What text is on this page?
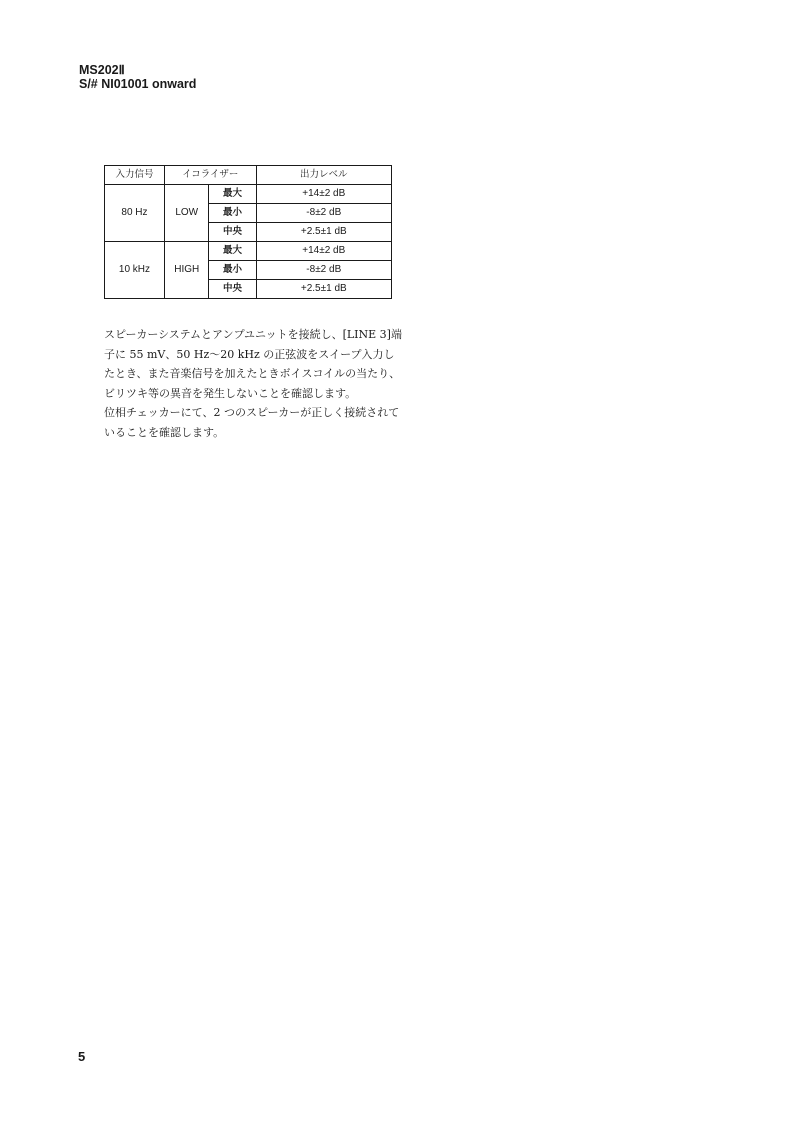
MS202Ⅱ
S/# NI01001 onward
入力信号	イコライザー		出力レベル
80 Hz	LOW	最大	+14±2 dB
		最小	-8±2 dB
		中央	+2.5±1 dB
10 kHz	HIGH	最大	+14±2 dB
		最小	-8±2 dB
		中央	+2.5±1 dB

スピーカーシステムとアンプユニットを接続し、[LINE 3]端子に 55 mV、50 Hz〜20 kHz の正弦波をスイープ入力したとき、また音楽信号を加えたときボイスコイルの当たり、ビリツキ等の異音を発生しないことを確認します。

位相チェッカーにて、2 つのスピーカーが正しく接続されていることを確認します。

5
